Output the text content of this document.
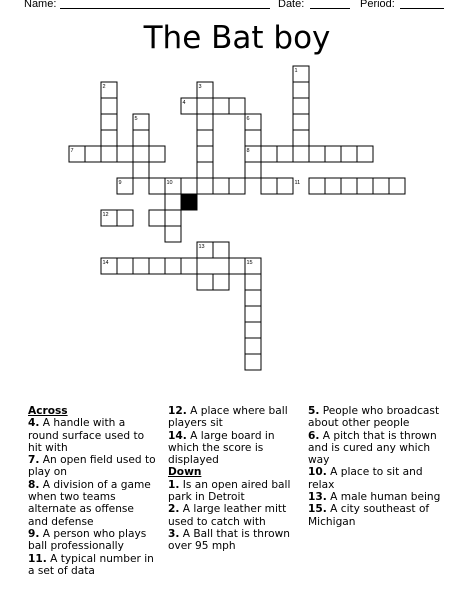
Name:	Date:	Period:
The Bat boy
1
2	3
4
5	6
7	8
9	10	11
12
13
14	15
Across
4. A handle with a round surface used to hit with
7. An open field used to play on
8. A division of a game when two teams alternate as offense and defense
9. A person who plays ball professionally
11. A typical number in a set of data
12. A place where ball players sit
14. A large board in which the score is displayed
Down
1. Is an open aired ball park in Detroit
2. A large leather mitt used to catch with
3. A Ball that is thrown over 95 mph
5. People who broadcast about other people
6. A pitch that is thrown and is cured any which way
10. A place to sit and relax
13. A male human being
15. A city southeast of Michigan
